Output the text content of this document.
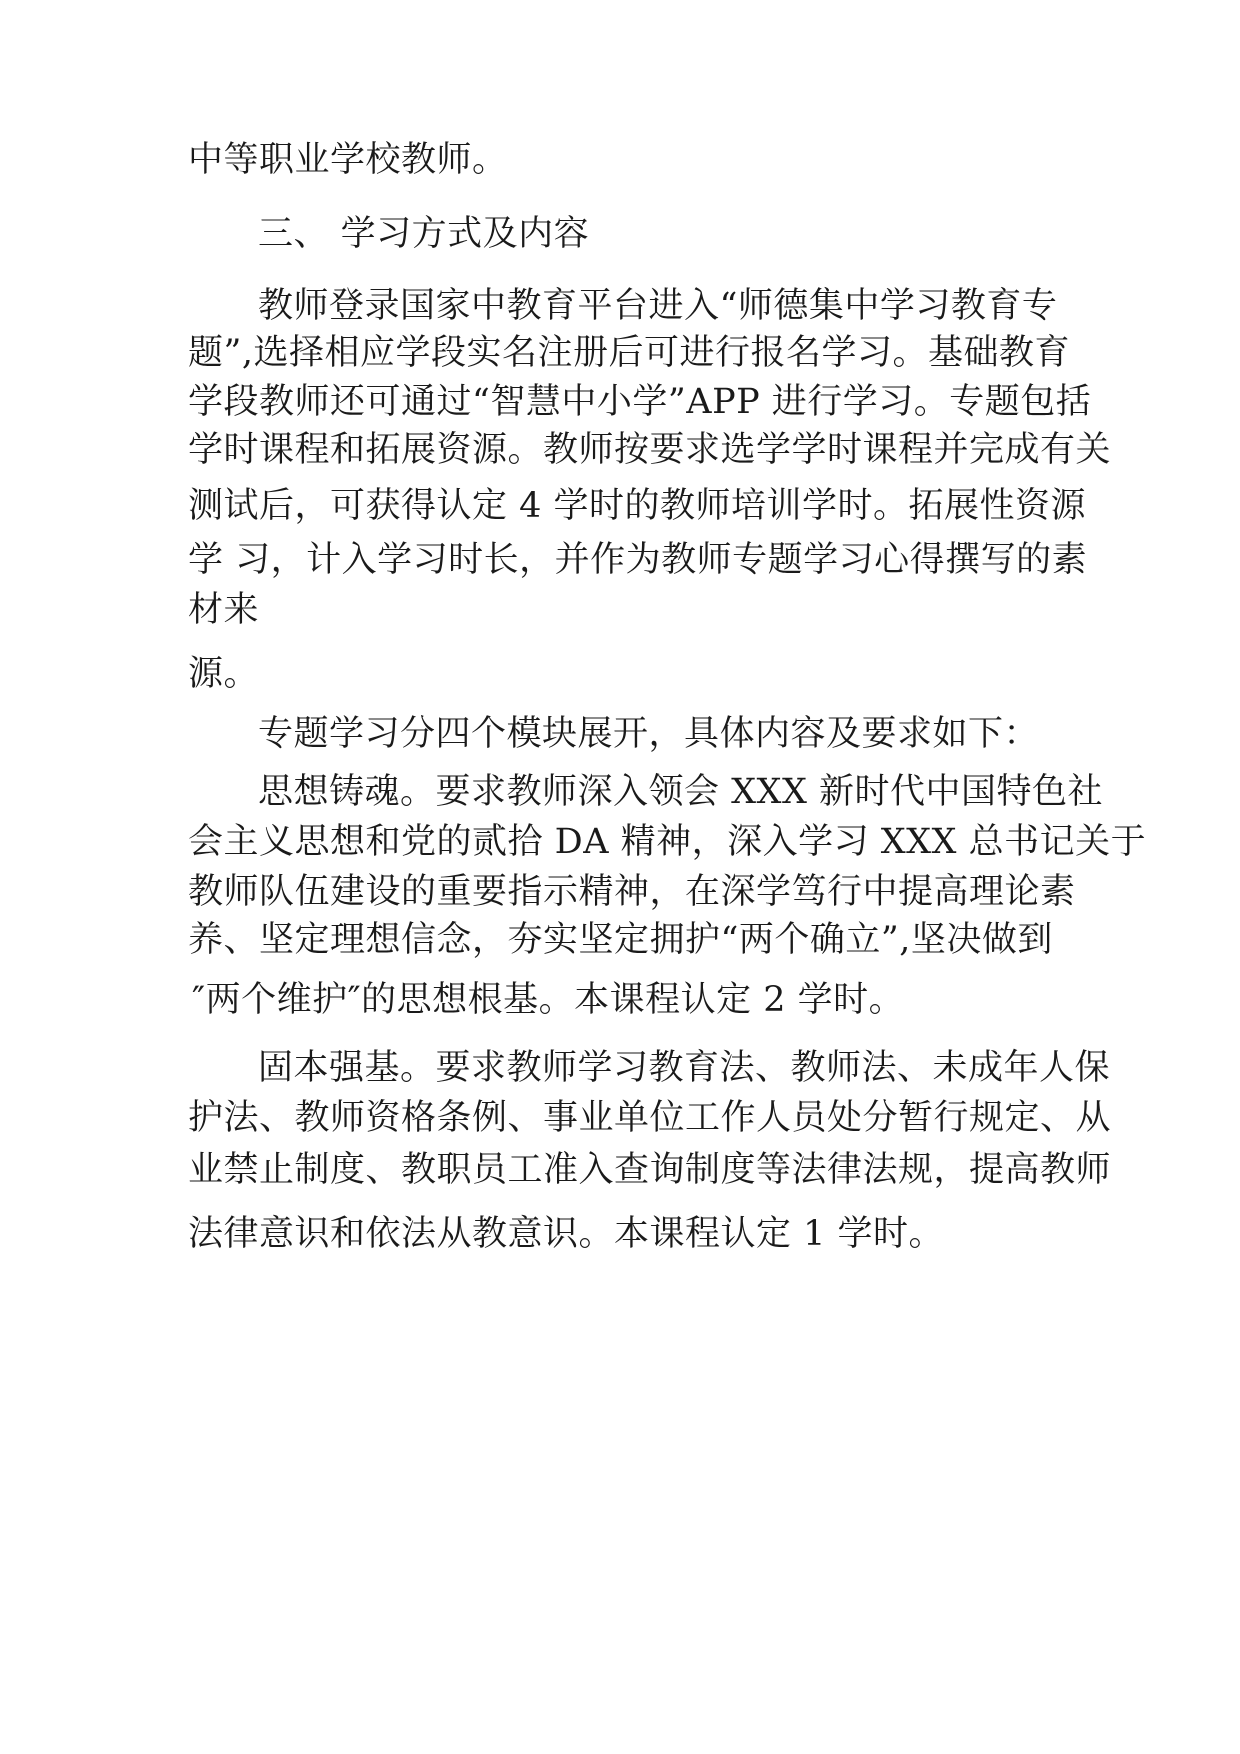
中等职业学校教师。
三、 学习方式及内容
教师登录国家中教育平台进入“师德集中学习教育专
题”,选择相应学段实名注册后可进行报名学习。基础教育
学段教师还可通过“智慧中小学”APP 进行学习。专题包括
学时课程和拓展资源。教师按要求选学学时课程并完成有关
测试后，可获得认定 4 学时的教师培训学时。拓展性资源
学 习，计入学习时长，并作为教师专题学习心得撰写的素
材来
源。
专题学习分四个模块展开，具体内容及要求如下：
思想铸魂。要求教师深入领会 XXX 新时代中国特色社
会主义思想和党的贰拾 DA 精神，深入学习 XXX 总书记关于
教师队伍建设的重要指示精神，在深学笃行中提高理论素
养、坚定理想信念，夯实坚定拥护“两个确立”,坚决做到
″两个维护″的思想根基。本课程认定 2 学时。
固本强基。要求教师学习教育法、教师法、未成年人保
护法、教师资格条例、事业单位工作人员处分暂行规定、从
业禁止制度、教职员工准入查询制度等法律法规，提高教师
法律意识和依法从教意识。本课程认定 1 学时。
